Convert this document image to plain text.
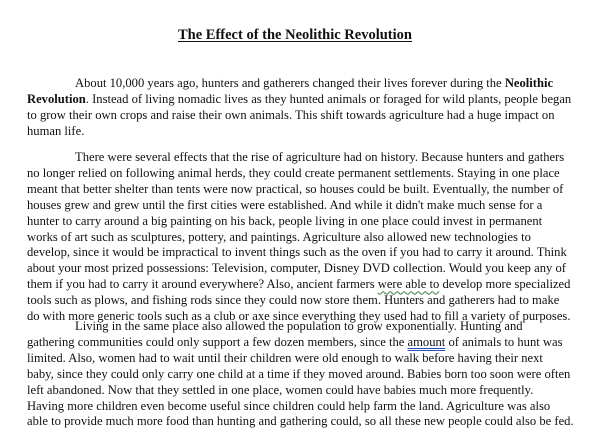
The Effect of the Neolithic Revolution

About 10,000 years ago, hunters and gatherers changed their lives forever during the Neolithic
Revolution. Instead of living nomadic lives as they hunted animals or foraged for wild plants, people began
to grow their own crops and raise their own animals. This shift towards agriculture had a huge impact on
human life.

There were several effects that the rise of agriculture had on history. Because hunters and gathers
no longer relied on following animal herds, they could create permanent settlements. Staying in one place
meant that better shelter than tents were now practical, so houses could be built. Eventually, the number of
houses grew and grew until the first cities were established. And while it didn't make much sense for a
hunter to carry around a big painting on his back, people living in one place could invest in permanent
works of art such as sculptures, pottery, and paintings. Agriculture also allowed new technologies to
develop, since it would be impractical to invent things such as the oven if you had to carry it around. Think
about your most prized possessions: Television, computer, Disney DVD collection. Would you keep any of
them if you had to carry it around everywhere? Also, ancient farmers were able to develop more specialized
tools such as plows, and fishing rods since they could now store them. Hunters and gatherers had to make
do with more generic tools such as a club or axe since everything they used had to fill a variety of purposes.

Living in the same place also allowed the population to grow exponentially. Hunting and
gathering communities could only support a few dozen members, since the amount of animals to hunt was
limited. Also, women had to wait until their children were old enough to walk before having their next
baby, since they could only carry one child at a time if they moved around. Babies born too soon were often
left abandoned. Now that they settled in one place, women could have babies much more frequently.
Having more children even become useful since children could help farm the land. Agriculture was also
able to provide much more food than hunting and gathering could, so all these new people could also be fed.
